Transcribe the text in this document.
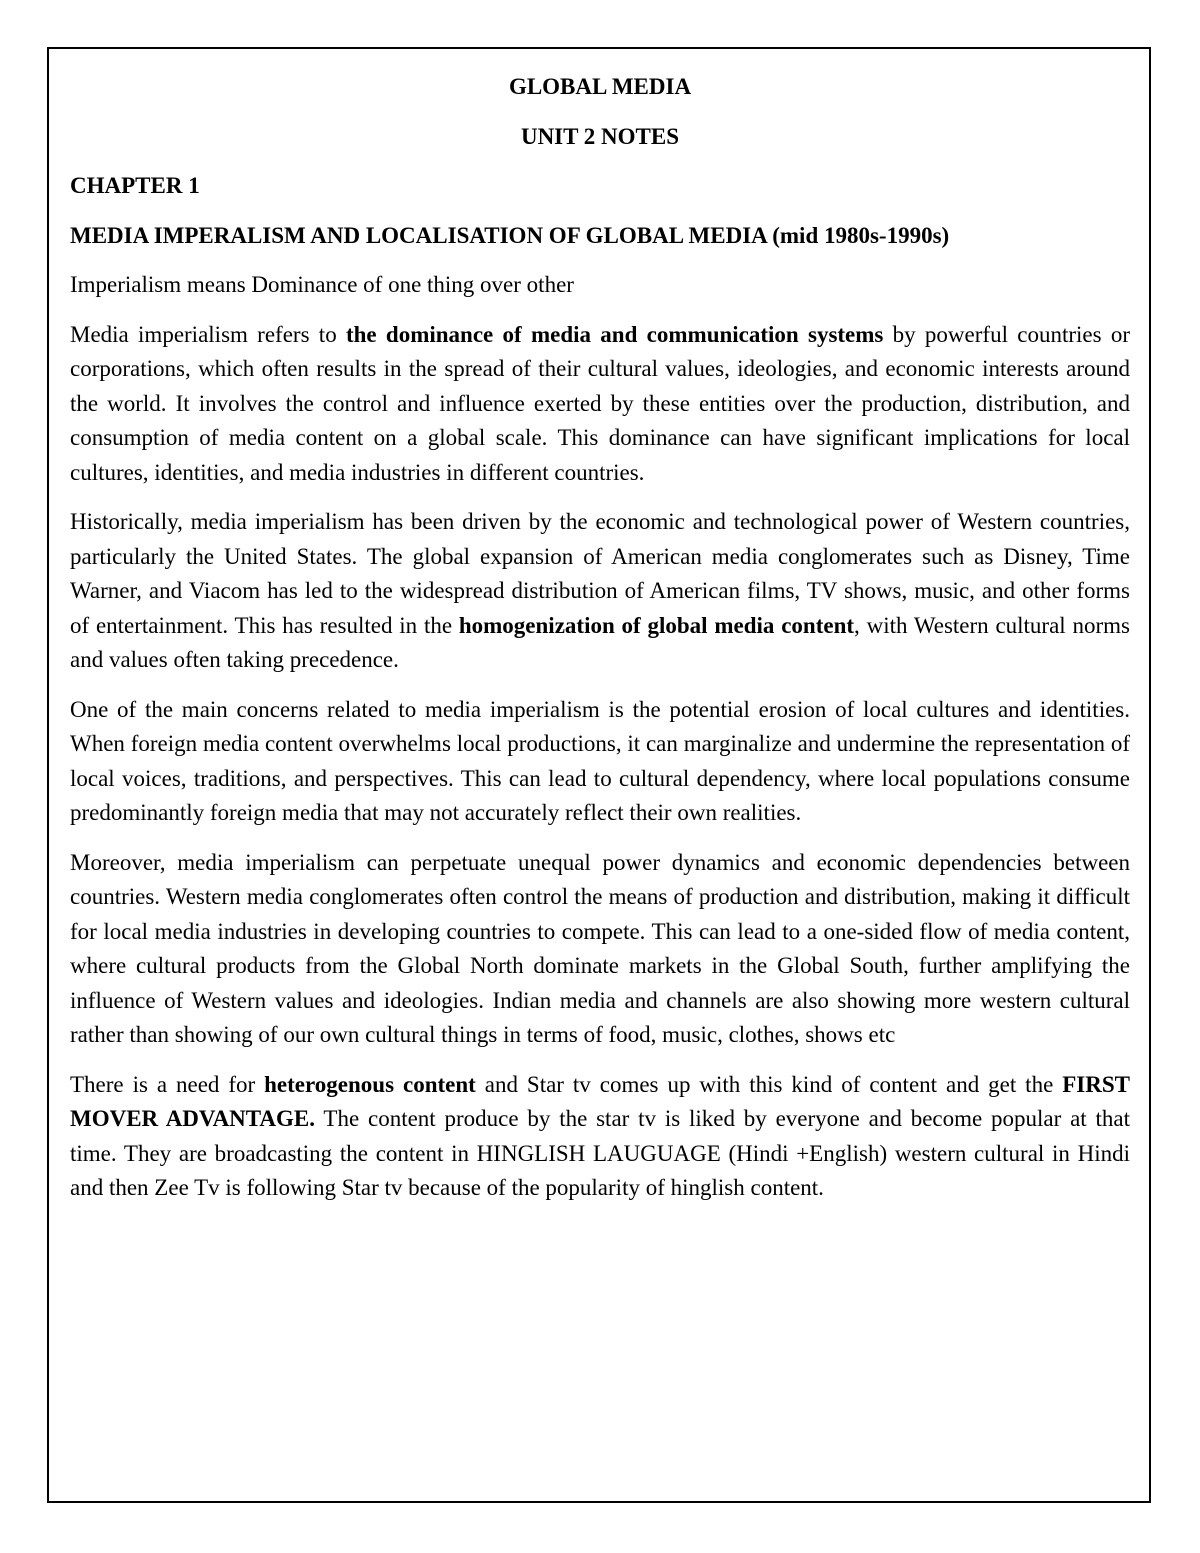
GLOBAL MEDIA
UNIT 2 NOTES
CHAPTER 1
MEDIA IMPERALISM AND LOCALISATION OF GLOBAL MEDIA (mid 1980s-1990s)

Imperialism means Dominance of one thing over other

Media imperialism refers to the dominance of media and communication systems by powerful countries or corporations, which often results in the spread of their cultural values, ideologies, and economic interests around the world. It involves the control and influence exerted by these entities over the production, distribution, and consumption of media content on a global scale. This dominance can have significant implications for local cultures, identities, and media industries in different countries.

Historically, media imperialism has been driven by the economic and technological power of Western countries, particularly the United States. The global expansion of American media conglomerates such as Disney, Time Warner, and Viacom has led to the widespread distribution of American films, TV shows, music, and other forms of entertainment. This has resulted in the homogenization of global media content, with Western cultural norms and values often taking precedence.

One of the main concerns related to media imperialism is the potential erosion of local cultures and identities. When foreign media content overwhelms local productions, it can marginalize and undermine the representation of local voices, traditions, and perspectives. This can lead to cultural dependency, where local populations consume predominantly foreign media that may not accurately reflect their own realities.

Moreover, media imperialism can perpetuate unequal power dynamics and economic dependencies between countries. Western media conglomerates often control the means of production and distribution, making it difficult for local media industries in developing countries to compete. This can lead to a one-sided flow of media content, where cultural products from the Global North dominate markets in the Global South, further amplifying the influence of Western values and ideologies. Indian media and channels are also showing more western cultural rather than showing of our own cultural things in terms of food, music, clothes, shows etc

There is a need for heterogenous content and Star tv comes up with this kind of content and get the FIRST MOVER ADVANTAGE. The content produce by the star tv is liked by everyone and become popular at that time. They are broadcasting the content in HINGLISH LAUGUAGE (Hindi +English) western cultural in Hindi and then Zee Tv is following Star tv because of the popularity of hinglish content.
